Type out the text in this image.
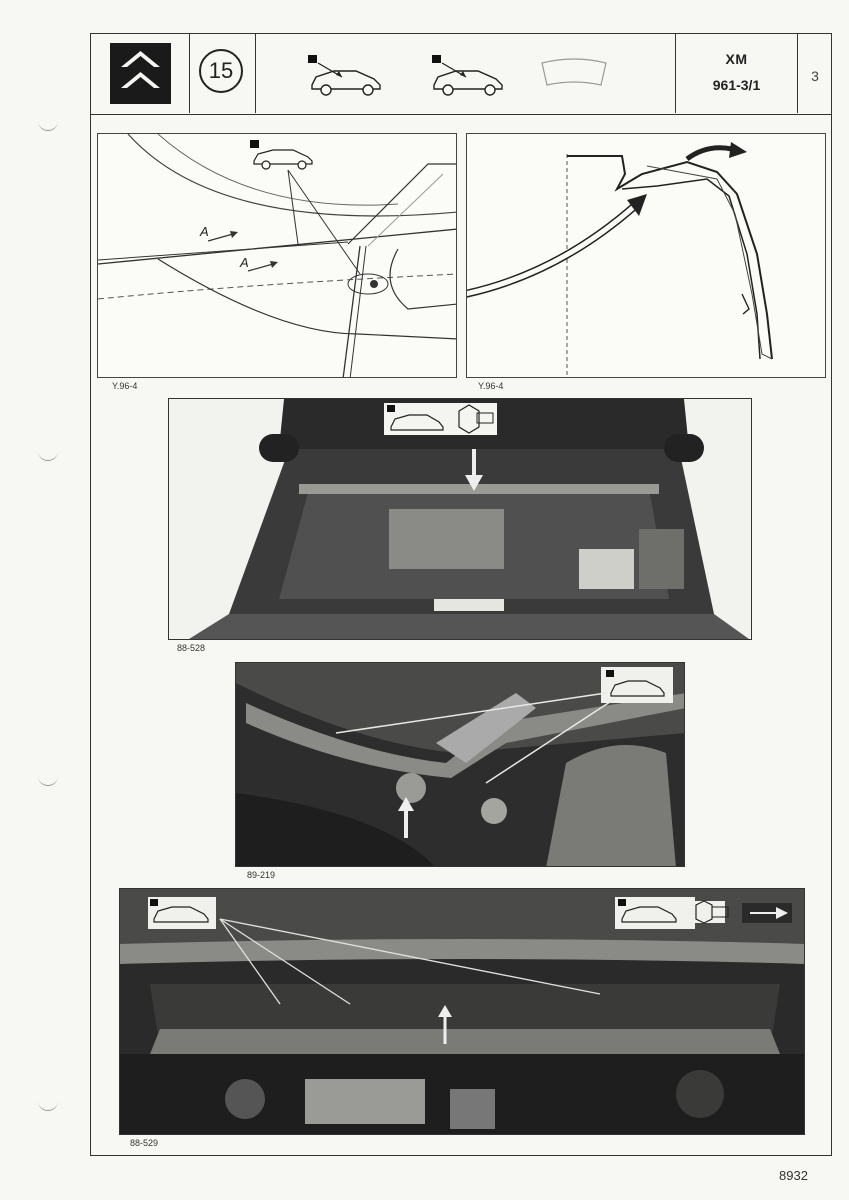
15	XM
961-3/1
3
A
A
Y.96-4	Y.96-4
88-528
89-219
88-529
8932
